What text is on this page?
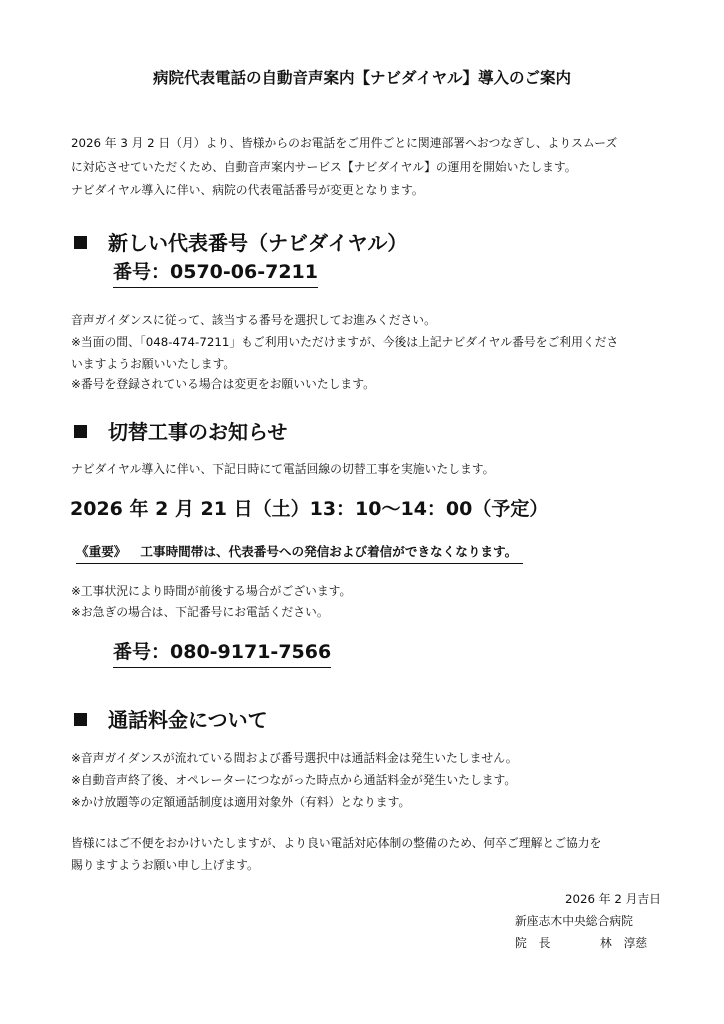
病院代表電話の自動音声案内【ナビダイヤル】導入のご案内
2026 年 3 月 2 日（月）より、皆様からのお電話をご用件ごとに関連部署へおつなぎし、よりスムーズ
に対応させていただくため、自動音声案内サービス【ナビダイヤル】の運用を開始いたします。
ナビダイヤル導入に伴い、病院の代表電話番号が変更となります。
新しい代表番号（ナビダイヤル）
番号：0570-06-7211
音声ガイダンスに従って、該当する番号を選択してお進みください。
※当面の間、「048-474-7211」もご利用いただけますが、今後は上記ナビダイヤル番号をご利用くださ
いますようお願いいたします。
※番号を登録されている場合は変更をお願いいたします。
切替工事のお知らせ
ナビダイヤル導入に伴い、下記日時にて電話回線の切替工事を実施いたします。
2026 年 2 月 21 日（土）13：10～14：00（予定）
《重要》 工事時間帯は、代表番号への発信および着信ができなくなります。
※工事状況により時間が前後する場合がございます。
※お急ぎの場合は、下記番号にお電話ください。
番号：080-9171-7566
通話料金について
※音声ガイダンスが流れている間および番号選択中は通話料金は発生いたしません。
※自動音声終了後、オペレーターにつながった時点から通話料金が発生いたします。
※かけ放題等の定額通話制度は適用対象外（有料）となります。
皆様にはご不便をおかけいたしますが、より良い電話対応体制の整備のため、何卒ご理解とご協力を
賜りますようお願い申し上げます。
2026 年 2 月吉日
新座志木中央総合病院
院　長	林　淳慈
